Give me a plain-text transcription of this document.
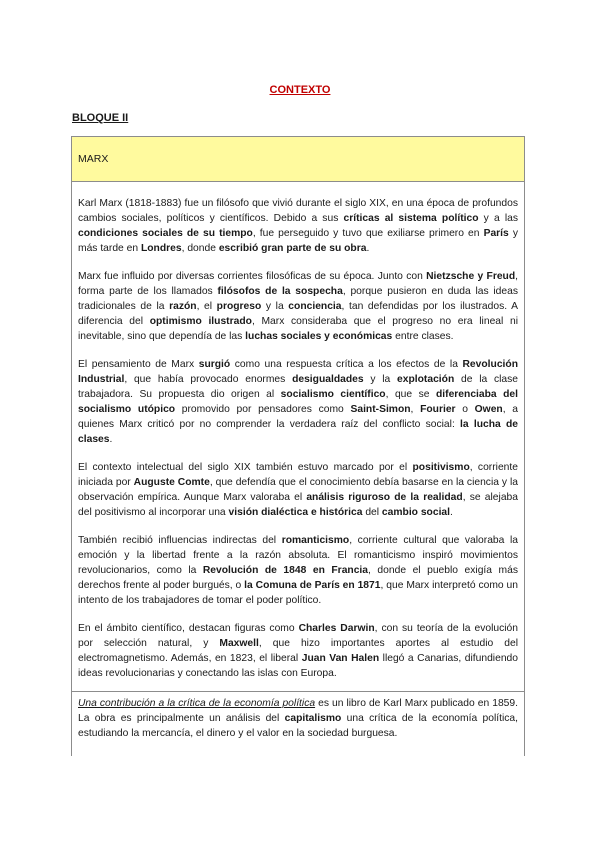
CONTEXTO
BLOQUE II
MARX

Karl Marx (1818-1883) fue un filósofo que vivió durante el siglo XIX, en una época de profundos cambios sociales, políticos y científicos. Debido a sus críticas al sistema político y a las condiciones sociales de su tiempo, fue perseguido y tuvo que exiliarse primero en París y más tarde en Londres, donde escribió gran parte de su obra.

Marx fue influido por diversas corrientes filosóficas de su época. Junto con Nietzsche y Freud, forma parte de los llamados filósofos de la sospecha, porque pusieron en duda las ideas tradicionales de la razón, el progreso y la conciencia, tan defendidas por los ilustrados. A diferencia del optimismo ilustrado, Marx consideraba que el progreso no era lineal ni inevitable, sino que dependía de las luchas sociales y económicas entre clases.

El pensamiento de Marx surgió como una respuesta crítica a los efectos de la Revolución Industrial, que había provocado enormes desigualdades y la explotación de la clase trabajadora. Su propuesta dio origen al socialismo científico, que se diferenciaba del socialismo utópico promovido por pensadores como Saint-Simon, Fourier o Owen, a quienes Marx criticó por no comprender la verdadera raíz del conflicto social: la lucha de clases.

El contexto intelectual del siglo XIX también estuvo marcado por el positivismo, corriente iniciada por Auguste Comte, que defendía que el conocimiento debía basarse en la ciencia y la observación empírica. Aunque Marx valoraba el análisis riguroso de la realidad, se alejaba del positivismo al incorporar una visión dialéctica e histórica del cambio social.

También recibió influencias indirectas del romanticismo, corriente cultural que valoraba la emoción y la libertad frente a la razón absoluta. El romanticismo inspiró movimientos revolucionarios, como la Revolución de 1848 en Francia, donde el pueblo exigía más derechos frente al poder burgués, o la Comuna de París en 1871, que Marx interpretó como un intento de los trabajadores de tomar el poder político.

En el ámbito científico, destacan figuras como Charles Darwin, con su teoría de la evolución por selección natural, y Maxwell, que hizo importantes aportes al estudio del electromagnetismo. Además, en 1823, el liberal Juan Van Halen llegó a Canarias, difundiendo ideas revolucionarias y conectando las islas con Europa.

Una contribución a la crítica de la economía política es un libro de Karl Marx publicado en 1859. La obra es principalmente un análisis del capitalismo una crítica de la economía política, estudiando la mercancía, el dinero y el valor en la sociedad burguesa.
